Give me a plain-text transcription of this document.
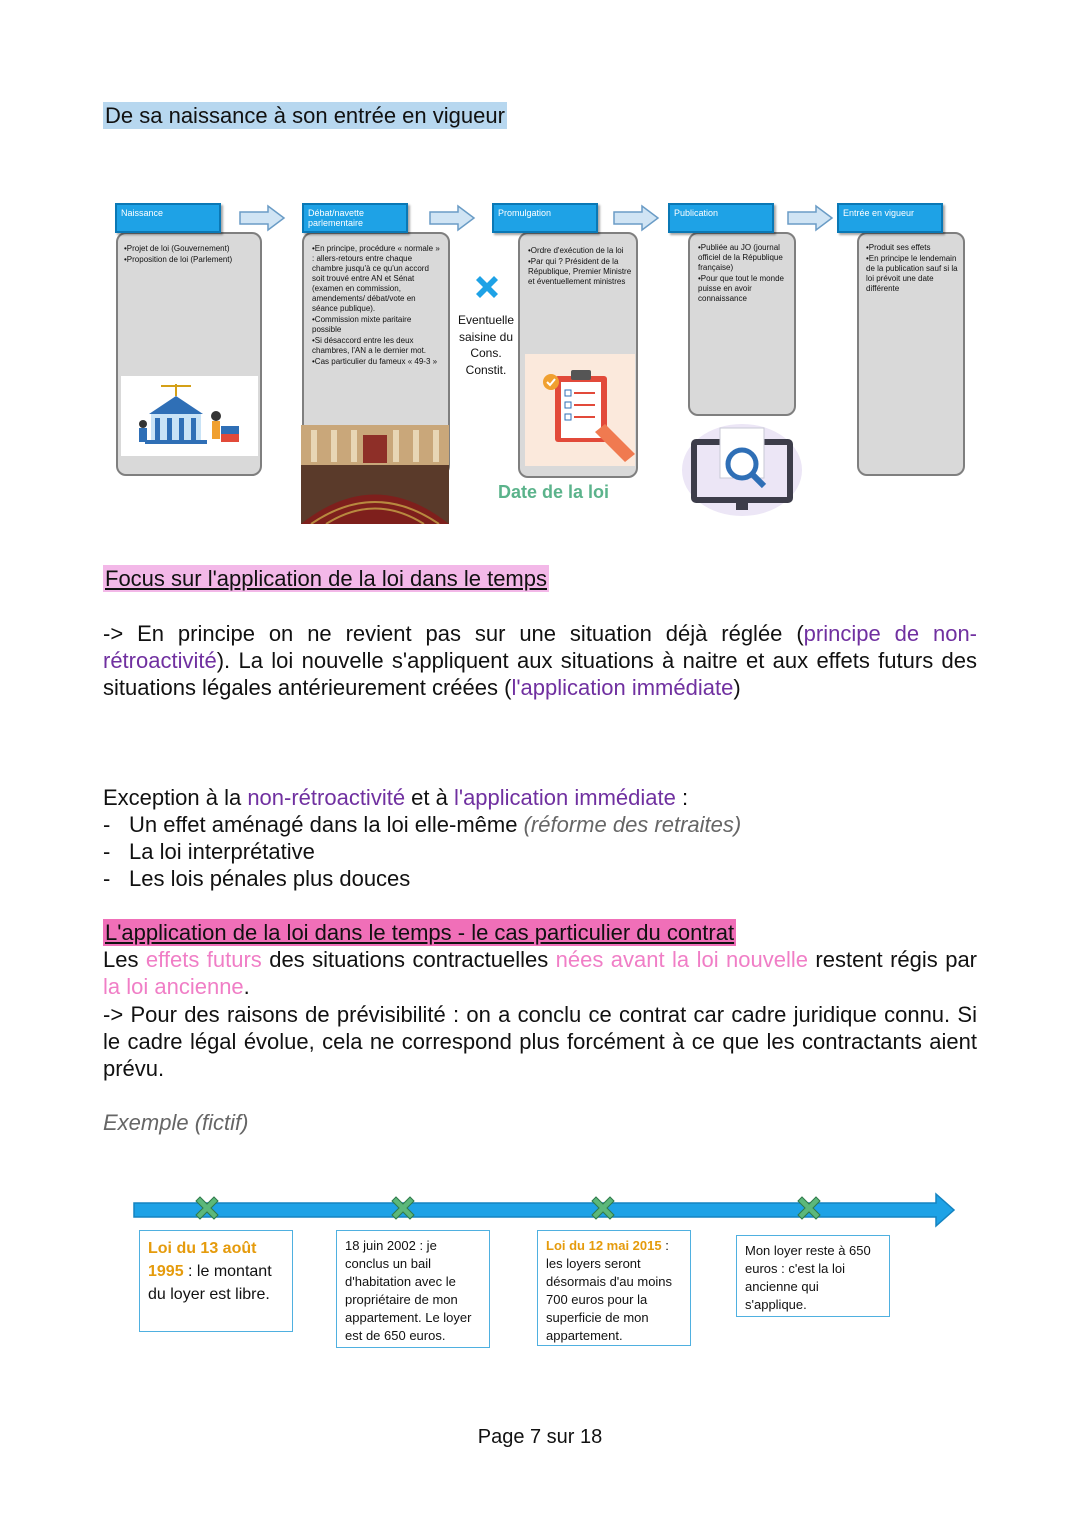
De sa naissance à son entrée en vigueur
Naissance
•Projet de loi (Gouvernement)
•Proposition de loi (Parlement)
Débat/navette parlementaire
•En principe, procédure « normale » : allers-retours entre chaque chambre jusqu'à ce qu'un accord soit trouvé entre AN et Sénat (examen en commission, amendements/ débat/vote en séance publique).
•Commission mixte paritaire possible
•Si désaccord entre les deux chambres, l'AN a le dernier mot.
•Cas particulier du fameux « 49-3 »
Eventuelle
saisine du
Cons.
Constit.
Promulgation
•Ordre d'exécution de la loi
•Par qui ? Président de la République, Premier Ministre et éventuellement ministres
Date de la loi
Publication
•Publiée au JO (journal officiel de la République française)
•Pour que tout le monde puisse en avoir connaissance
Entrée en vigueur
•Produit ses effets
•En principe le lendemain de la publication sauf si la loi prévoit une date différente
Focus sur l'application de la loi dans le temps
-> En principe on ne revient pas sur une situation déjà réglée (principe de non-rétroactivité). La loi nouvelle s'appliquent aux situations à naitre et aux effets futurs des situations légales antérieurement créées (l'application immédiate)
Exception à la non-rétroactivité et à l'application immédiate :
- Un effet aménagé dans la loi elle-même (réforme des retraites)
- La loi interprétative
- Les lois pénales plus douces
L'application de la loi dans le temps - le cas particulier du contrat
Les effets futurs des situations contractuelles nées avant la loi nouvelle restent régis par la loi ancienne.
-> Pour des raisons de prévisibilité : on a conclu ce contrat car cadre juridique connu. Si le cadre légal évolue, cela ne correspond plus forcément à ce que les contractants aient prévu.
Exemple (fictif)
Loi du 13 août 1995 : le montant du loyer est libre.
18 juin 2002 : je conclus un bail d'habitation avec le propriétaire de mon appartement. Le loyer est de 650 euros.
Loi du 12 mai 2015 : les loyers seront désormais d'au moins 700 euros pour la superficie de mon appartement.
Mon loyer reste à 650 euros : c'est la loi ancienne qui s'applique.
Page 7 sur 18
